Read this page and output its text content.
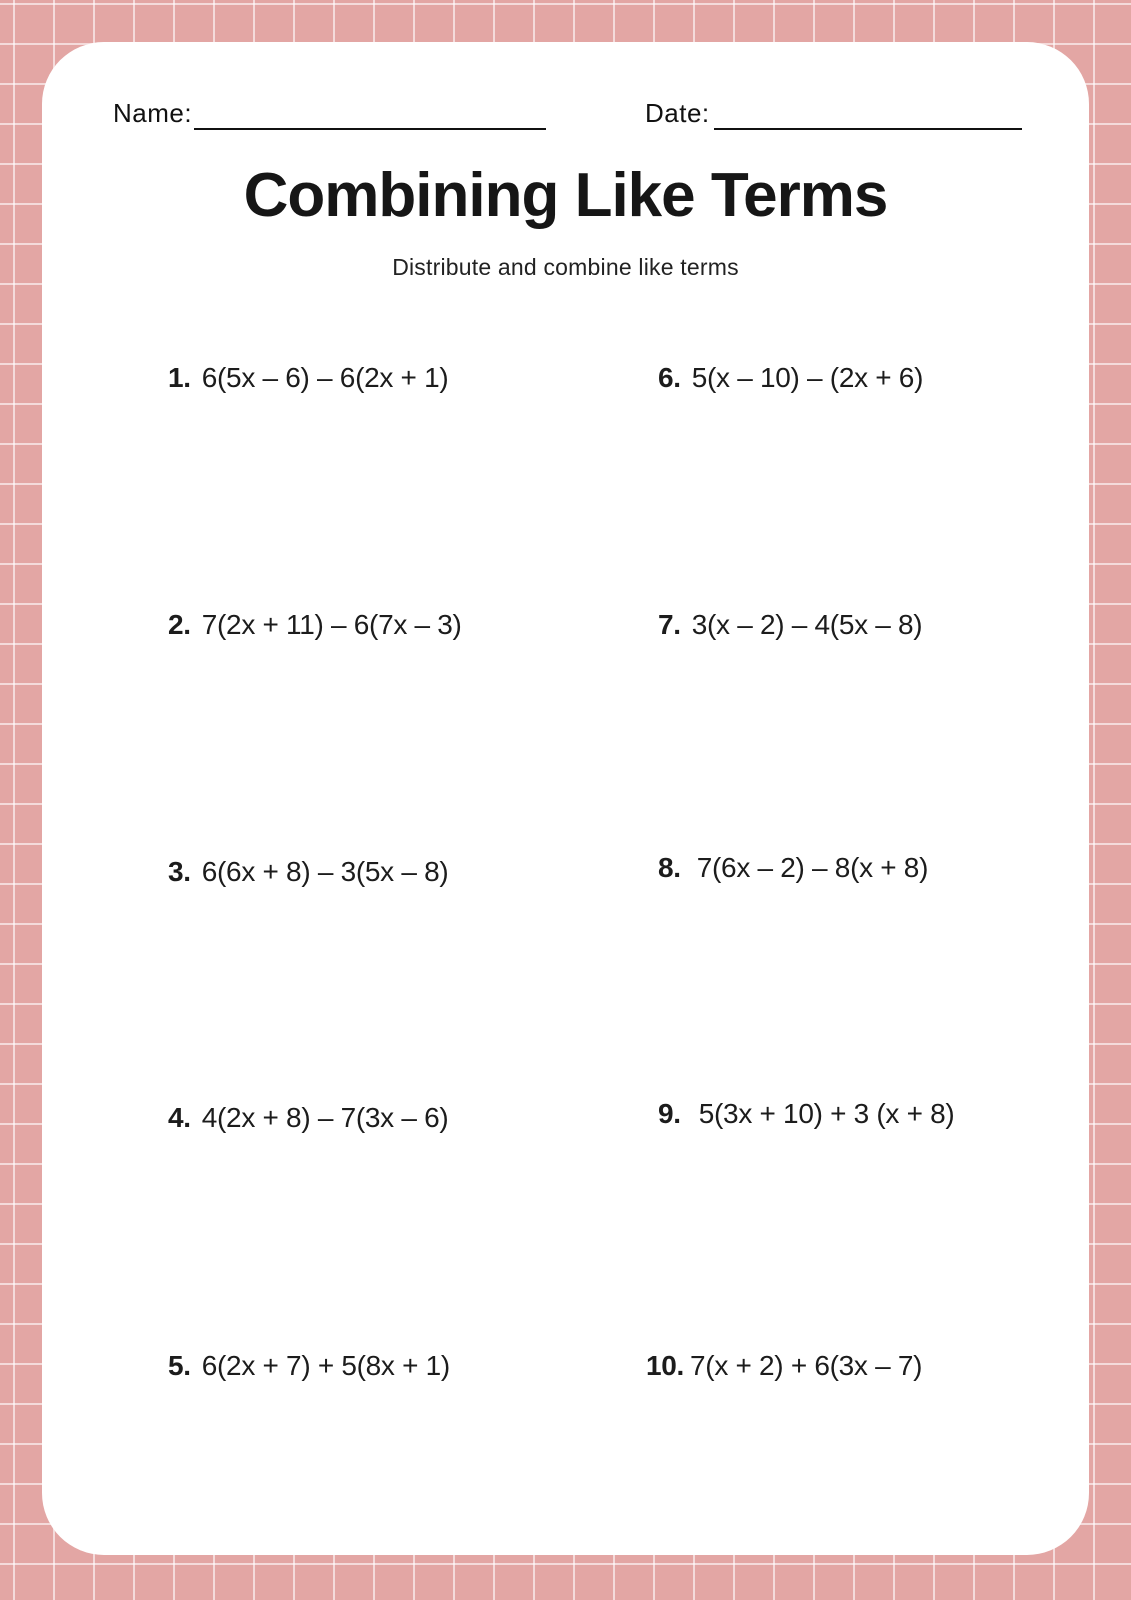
Name:	Date:
Combining Like Terms

Distribute and combine like terms

1. 6(5x – 6) – 6(2x + 1)	6. 5(x – 10) – (2x + 6)
2. 7(2x + 11) – 6(7x – 3)	7. 3(x – 2) – 4(5x – 8)
3. 6(6x + 8) – 3(5x – 8)	8. 7(6x – 2) – 8(x + 8)
4. 4(2x + 8) – 7(3x – 6)	9. 5(3x + 10) + 3 (x + 8)
5. 6(2x + 7) + 5(8x + 1)	10. 7(x + 2) + 6(3x – 7)
